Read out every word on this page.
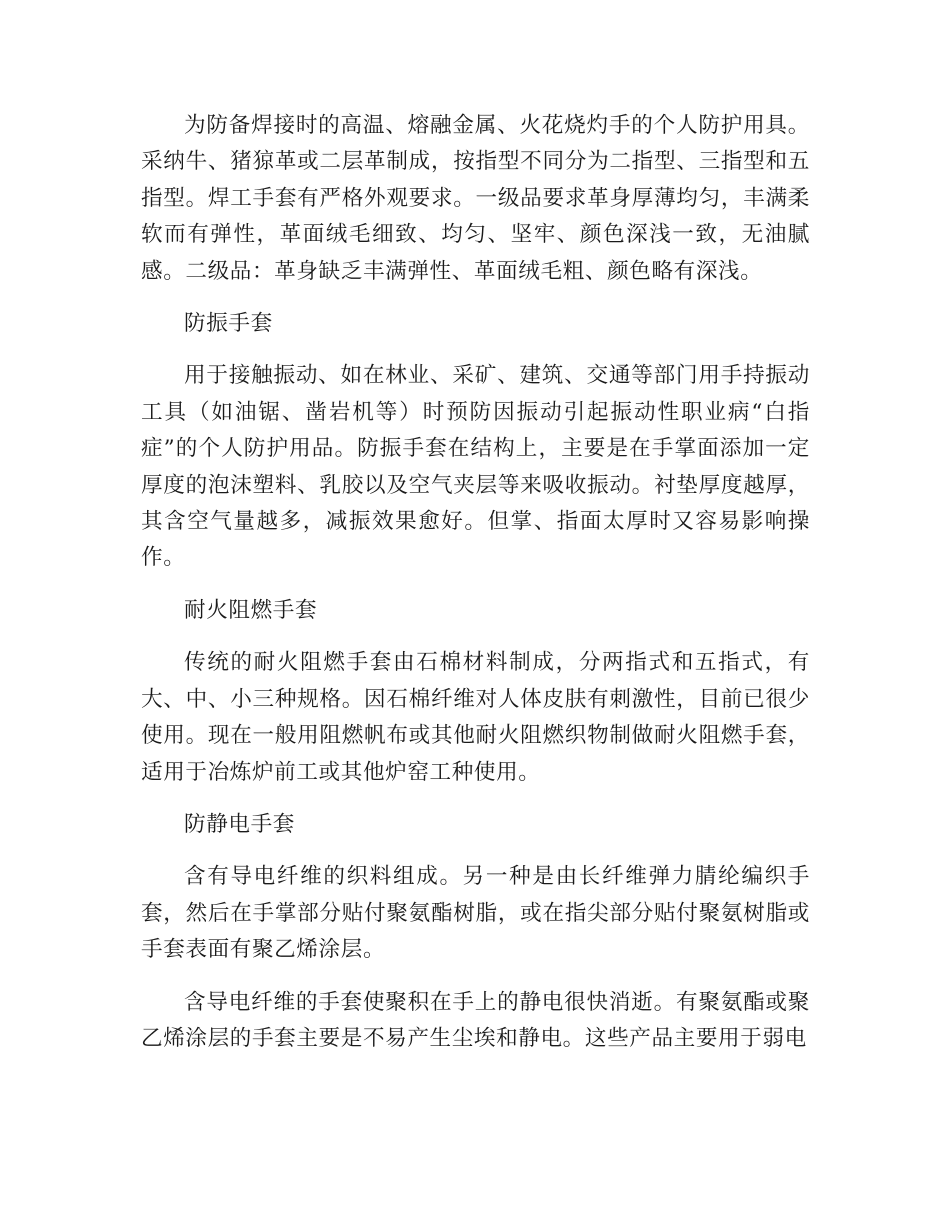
为防备焊接时的高温、熔融金属、火花烧灼手的个人防护用具。采纳牛、猪猄革或二层革制成，按指型不同分为二指型、三指型和五指型。焊工手套有严格外观要求。一级品要求革身厚薄均匀，丰满柔软而有弹性，革面绒毛细致、均匀、坚牢、颜色深浅一致，无油腻感。二级品：革身缺乏丰满弹性、革面绒毛粗、颜色略有深浅。

防振手套

用于接触振动、如在林业、采矿、建筑、交通等部门用手持振动工具（如油锯、凿岩机等）时预防因振动引起振动性职业病“白指症”的个人防护用品。防振手套在结构上，主要是在手掌面添加一定厚度的泡沫塑料、乳胶以及空气夹层等来吸收振动。衬垫厚度越厚，其含空气量越多，减振效果愈好。但掌、指面太厚时又容易影响操作。

耐火阻燃手套

传统的耐火阻燃手套由石棉材料制成，分两指式和五指式，有大、中、小三种规格。因石棉纤维对人体皮肤有刺激性，目前已很少使用。现在一般用阻燃帆布或其他耐火阻燃织物制做耐火阻燃手套，适用于冶炼炉前工或其他炉窑工种使用。

防静电手套

含有导电纤维的织料组成。另一种是由长纤维弹力腈纶编织手套，然后在手掌部分贴付聚氨酯树脂，或在指尖部分贴付聚氨树脂或手套表面有聚乙烯涂层。

含导电纤维的手套使聚积在手上的静电很快消逝。有聚氨酯或聚乙烯涂层的手套主要是不易产生尘埃和静电。这些产品主要用于弱电
